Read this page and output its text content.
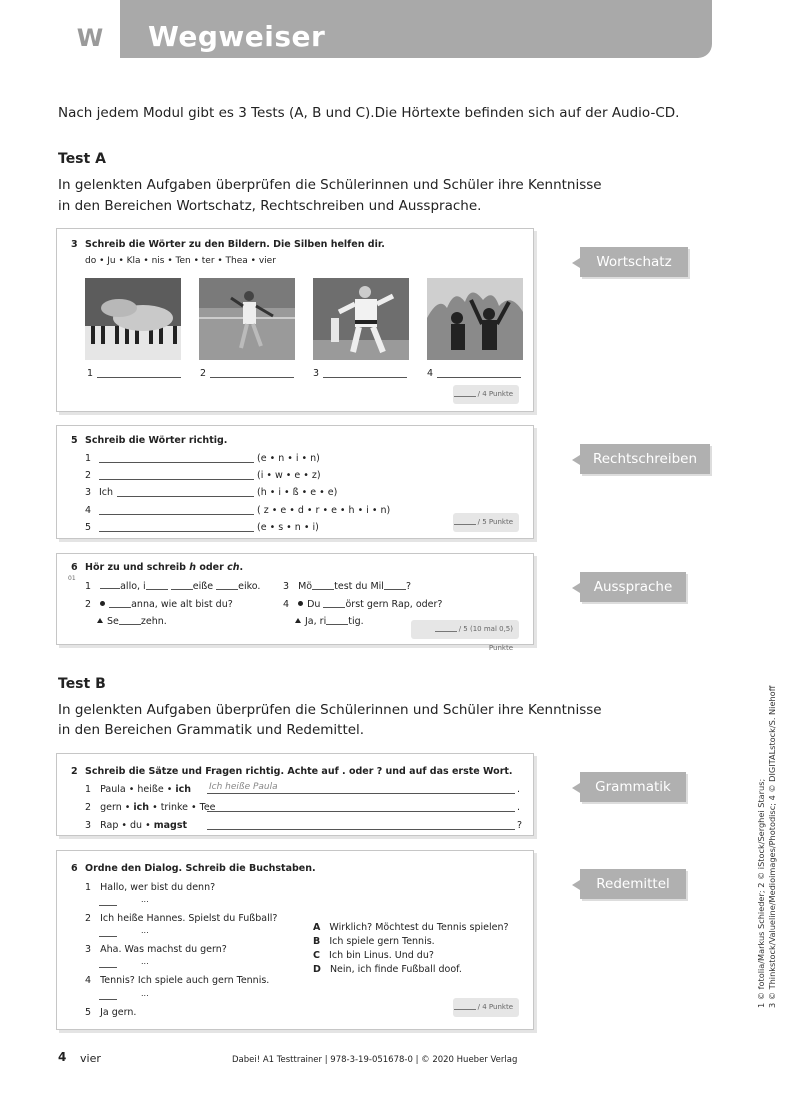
W	Wegweiser
Nach jedem Modul gibt es 3 Tests (A, B und C).Die Hörtexte befinden sich auf der Audio-CD.
Test A
In gelenkten Aufgaben überprüfen die Schülerinnen und Schüler ihre Kenntnisse
in den Bereichen Wortschatz, Rechtschreiben und Aussprache.
3 Schreib die Wörter zu den Bildern. Die Silben helfen dir.
do • Ju • Kla • nis • Ten • ter • Thea • vier
1	2	3	4
/ 4 Punkte
Wortschatz
5 Schreib die Wörter richtig.
1	(e • n • i • n)
2	(i • w • e • z)
3 Ich	(h • i • ß • e • e)
4	( z • e • d • r • e • h • i • n)
5	(e • s • n • i)	/ 5 Punkte
Rechtschreiben
6 Hör zu und schreib h oder ch.
01
1	allo, i	eiße	eiko.
2	anna, wie alt bist du?
Se zehn.
3 Mö test du Mil ?
4 Du	örst gern Rap, oder?
Ja, ri tig.
/ 5 (10 mal 0,5) Punkte
Aussprache
Test B
In gelenkten Aufgaben überprüfen die Schülerinnen und Schüler ihre Kenntnisse
in den Bereichen Grammatik und Redemittel.
2 Schreib die Sätze und Fragen richtig. Achte auf . oder ? und auf das erste Wort.
1 Paula • heiße • ich Ich heiße Paula	.
2 gern • ich • trinke • Tee	.
3 Rap • du • magst	?
Grammatik
6 Ordne den Dialog. Schreib die Buchstaben.
1 Hallo, wer bist du denn?
...
2 Ich heiße Hannes. Spielst du Fußball?
...
3 Aha. Was machst du gern?
...
4 Tennis? Ich spiele auch gern Tennis.
...
5 Ja gern.
A Wirklich? Möchtest du Tennis spielen?
B Ich spiele gern Tennis.
C Ich bin Linus. Und du?
D Nein, ich finde Fußball doof.
/ 4 Punkte
Redemittel	1 © fotolia/Markus Schieder; 2 © iStock/Serghei Starus; 3 © Thinkstock/Valueline/Medioimages/Photodisc; 4 © DIGITALstock/S. Niehoff
4 vier	Dabei! A1 Testtrainer | 978-3-19-051678-0 | © 2020 Hueber Verlag
